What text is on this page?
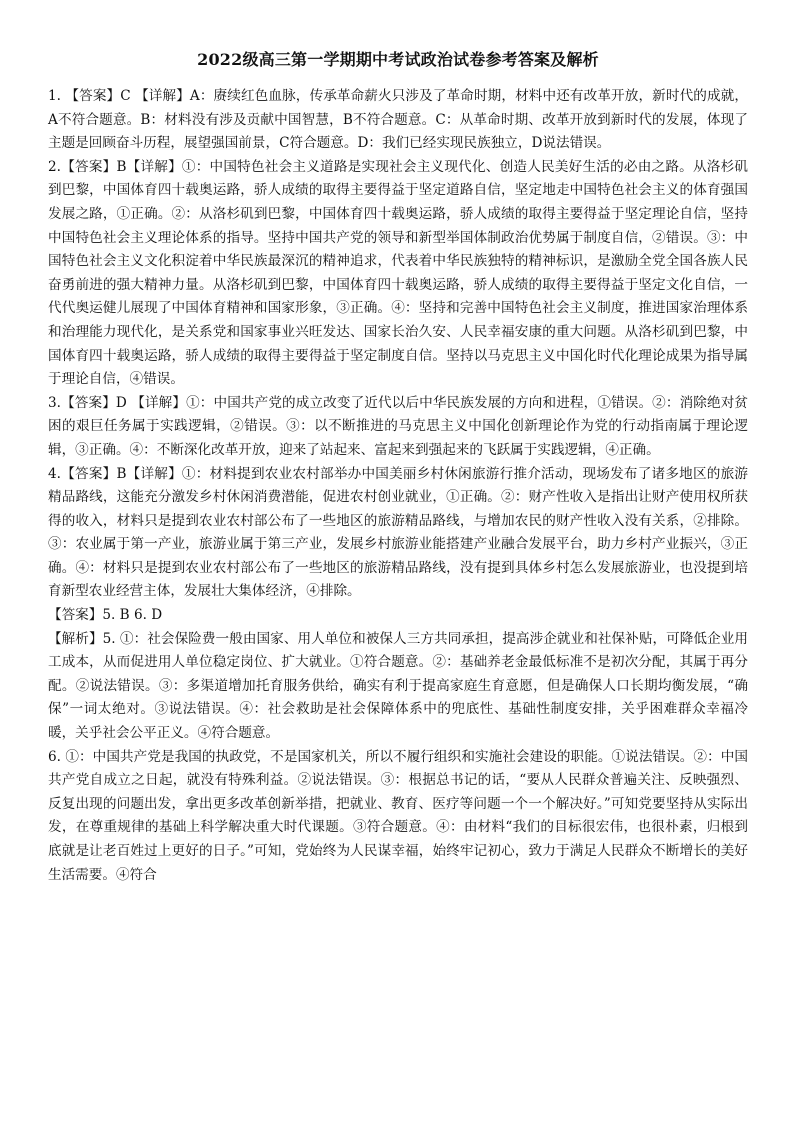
2022级高三第一学期期中考试政治试卷参考答案及解析

1. 【答案】C 【详解】A：赓续红色血脉，传承革命薪火只涉及了革命时期，材料中还有改革开放，新时代的成就，A不符合题意。B：材料没有涉及贡献中国智慧，B不符合题意。C：从革命时期、改革开放到新时代的发展，体现了主题是回顾奋斗历程，展望强国前景，C符合题意。D：我们已经实现民族独立，D说法错误。

2.【答案】B【详解】①：中国特色社会主义道路是实现社会主义现代化、创造人民美好生活的必由之路。从洛杉矶到巴黎，中国体育四十载奥运路，骄人成绩的取得主要得益于坚定道路自信，坚定地走中国特色社会主义的体育强国发展之路，①正确。②：从洛杉矶到巴黎，中国体育四十载奥运路，骄人成绩的取得主要得益于坚定理论自信，坚持中国特色社会主义理论体系的指导。坚持中国共产党的领导和新型举国体制政治优势属于制度自信，②错误。③：中国特色社会主义文化积淀着中华民族最深沉的精神追求，代表着中华民族独特的精神标识，是激励全党全国各族人民奋勇前进的强大精神力量。从洛杉矶到巴黎，中国体育四十载奥运路，骄人成绩的取得主要得益于坚定文化自信，一代代奥运健儿展现了中国体育精神和国家形象，③正确。④：坚持和完善中国特色社会主义制度，推进国家治理体系和治理能力现代化，是关系党和国家事业兴旺发达、国家长治久安、人民幸福安康的重大问题。从洛杉矶到巴黎，中国体育四十载奥运路，骄人成绩的取得主要得益于坚定制度自信。坚持以马克思主义中国化时代化理论成果为指导属于理论自信，④错误。

3.【答案】D 【详解】①：中国共产党的成立改变了近代以后中华民族发展的方向和进程，①错误。②：消除绝对贫困的艰巨任务属于实践逻辑，②错误。③：以不断推进的马克思主义中国化创新理论作为党的行动指南属于理论逻辑，③正确。④：不断深化改革开放，迎来了站起来、富起来到强起来的飞跃属于实践逻辑，④正确。

4.【答案】B【详解】①：材料提到农业农村部举办中国美丽乡村休闲旅游行推介活动，现场发布了诸多地区的旅游精品路线，这能充分激发乡村休闲消费潜能，促进农村创业就业，①正确。②：财产性收入是指出让财产使用权所获得的收入，材料只是提到农业农村部公布了一些地区的旅游精品路线，与增加农民的财产性收入没有关系，②排除。③：农业属于第一产业，旅游业属于第三产业，发展乡村旅游业能搭建产业融合发展平台，助力乡村产业振兴，③正确。④：材料只是提到农业农村部公布了一些地区的旅游精品路线，没有提到具体乡村怎么发展旅游业，也没提到培育新型农业经营主体，发展壮大集体经济，④排除。

【答案】5. B 6. D

【解析】5. ①：社会保险费一般由国家、用人单位和被保人三方共同承担，提高涉企就业和社保补贴，可降低企业用工成本，从而促进用人单位稳定岗位、扩大就业。①符合题意。②：基础养老金最低标准不是初次分配，其属于再分配。②说法错误。③：多渠道增加托育服务供给，确实有利于提高家庭生育意愿，但是确保人口长期均衡发展，“确保”一词太绝对。③说法错误。④：社会救助是社会保障体系中的兜底性、基础性制度安排，关乎困难群众幸福冷暖，关乎社会公平正义。④符合题意。

6. ①：中国共产党是我国的执政党，不是国家机关，所以不履行组织和实施社会建设的职能。①说法错误。②：中国共产党自成立之日起，就没有特殊利益。②说法错误。③：根据总书记的话，“要从人民群众普遍关注、反映强烈、反复出现的问题出发，拿出更多改革创新举措，把就业、教育、医疗等问题一个一个解决好。”可知党要坚持从实际出发，在尊重规律的基础上科学解决重大时代课题。③符合题意。④：由材料“我们的目标很宏伟，也很朴素，归根到底就是让老百姓过上更好的日子。”可知，党始终为人民谋幸福，始终牢记初心，致力于满足人民群众不断增长的美好生活需要。④符合
